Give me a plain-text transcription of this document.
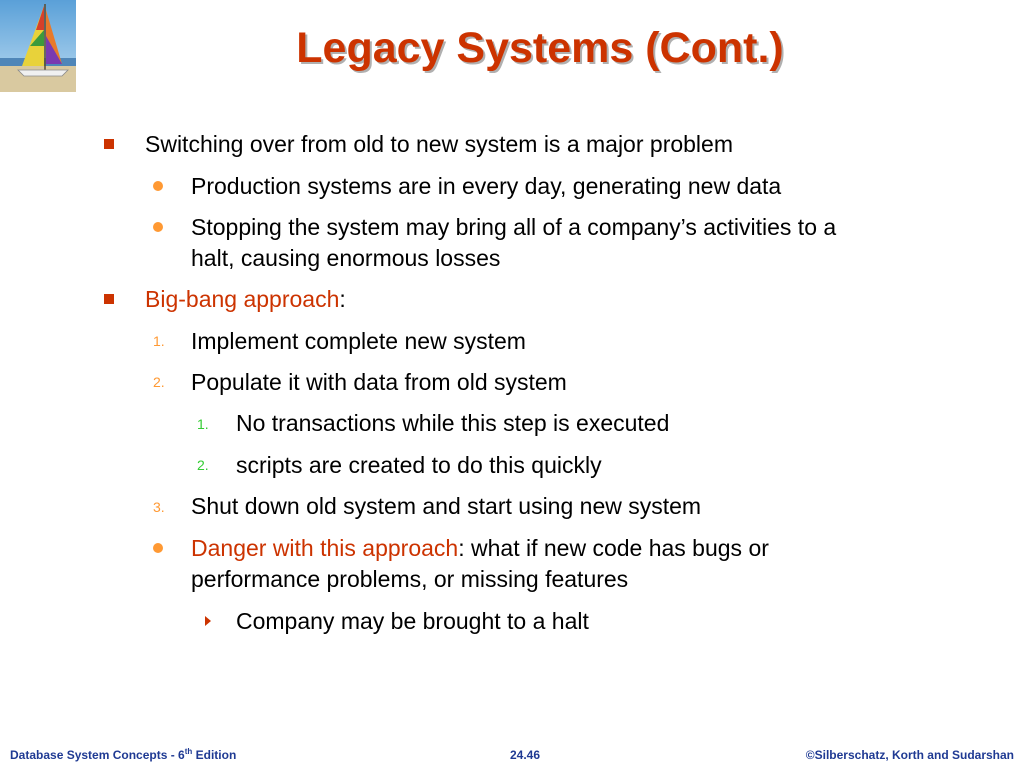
Legacy Systems (Cont.)
Switching over from old to new system is a major problem
Production systems are in every day, generating new data
Stopping the system may bring all of a company’s activities to a
halt, causing enormous losses
Big-bang approach:
1. Implement complete new system
2. Populate it with data from old system
1. No transactions while this step is executed
2. scripts are created to do this quickly
3. Shut down old system and start using new system
Danger with this approach: what if new code has bugs or
performance problems, or missing features
Company may be brought to a halt
Database System Concepts - 6th Edition	24.46	©Silberschatz, Korth and Sudarshan
